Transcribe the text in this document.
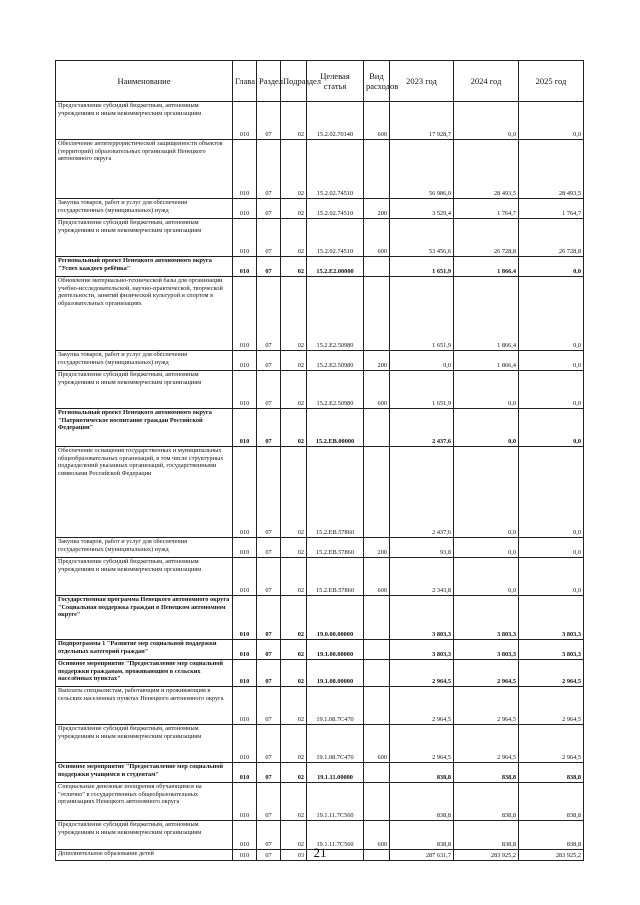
Наименование	Глава	Раздел	Подраздел	Целевая статья	Вид расходов	2023 год	2024 год	2025 год
Предоставление субсидий бюджетным, автономным учреждениям и иным некоммерческим организациям	010	07	02	15.2.02.70140	600	17 928,7	0,0	0,0
Обеспечение антитеррористической защищенности объектов (территорий) образовательных организаций Ненецкого автономного округа	010	07	02	15.2.02.74510		56 986,0	28 493,5	28 493,5
Закупка товаров, работ и услуг для обеспечения государственных (муниципальных) нужд	010	07	02	15.2.02.74510	200	3 529,4	1 764,7	1 764,7
Предоставление субсидий бюджетным, автономным учреждениям и иным некоммерческим организациям	010	07	02	15.2.02.74510	600	53 456,6	26 728,8	26 728,8
Региональный проект Ненецкого автономного округа "Успех каждого ребёнка"	010	07	02	15.2.E2.00000		1 651,9	1 866,4	0,0
Обновление материально-технической базы для организации учебно-исследовательской, научно-практической, творческой деятельности, занятий физической культурой и спортом в образовательных организациях	010	07	02	15.2.E2.50980		1 651,9	1 866,4	0,0
Закупка товаров, работ и услуг для обеспечения государственных (муниципальных) нужд	010	07	02	15.2.E2.50980	200	0,0	1 866,4	0,0
Предоставление субсидий бюджетным, автономным учреждениям и иным некоммерческим организациям	010	07	02	15.2.E2.50980	600	1 651,9	0,0	0,0
Региональный проект Ненецкого автономного округа "Патриотическое воспитание граждан Российской Федерации"	010	07	02	15.2.EB.00000		2 437,6	0,0	0,0
Обеспечение оснащения государственных и муниципальных общеобразовательных организаций, в том числе структурных подразделений указанных организаций, государственными символами Российской Федерации	010	07	02	15.2.EB.57860		2 437,6	0,0	0,0
Закупка товаров, работ и услуг для обеспечения государственных (муниципальных) нужд	010	07	02	15.2.EB.57860	200	93,8	0,0	0,0
Предоставление субсидий бюджетным, автономным учреждениям и иным некоммерческим организациям	010	07	02	15.2.EB.57860	600	2 343,8	0,0	0,0
Государственная программа Ненецкого автономного округа "Социальная поддержка граждан в Ненецком автономном округе"	010	07	02	19.0.00.00000		3 803,3	3 803,3	3 803,3
Подпрограмма 1 "Развитие мер социальной поддержки отдельных категорий граждан"	010	07	02	19.1.00.00000		3 803,3	3 803,3	3 803,3
Основное мероприятие "Предоставление мер социальной поддержки гражданам, проживающим в сельских населённых пунктах"	010	07	02	19.1.08.00000		2 964,5	2 964,5	2 964,5
Выплаты специалистам, работающим и проживающим в сельских населенных пунктах Ненецкого автономного округа	010	07	02	19.1.08.7С470		2 964,5	2 964,5	2 964,5
Предоставление субсидий бюджетным, автономным учреждениям и иным некоммерческим организациям	010	07	02	19.1.08.7С470	600	2 964,5	2 964,5	2 964,5
Основное мероприятие "Предоставление мер социальной поддержки учащимся и студентам"	010	07	02	19.1.11.00000		838,8	838,8	838,8
Специальные денежные поощрения обучающимся на "отлично" в государственных общеобразовательных организациях Ненецкого автономного округа	010	07	02	19.1.11.7С560		838,8	838,8	838,8
Предоставление субсидий бюджетным, автономным учреждениям и иным некоммерческим организациям	010	07	02	19.1.11.7С560	600	838,8	838,8	838,8
Дополнительное образование детей	010	07	03			287 631,7	283 925,2	283 925,2
21
